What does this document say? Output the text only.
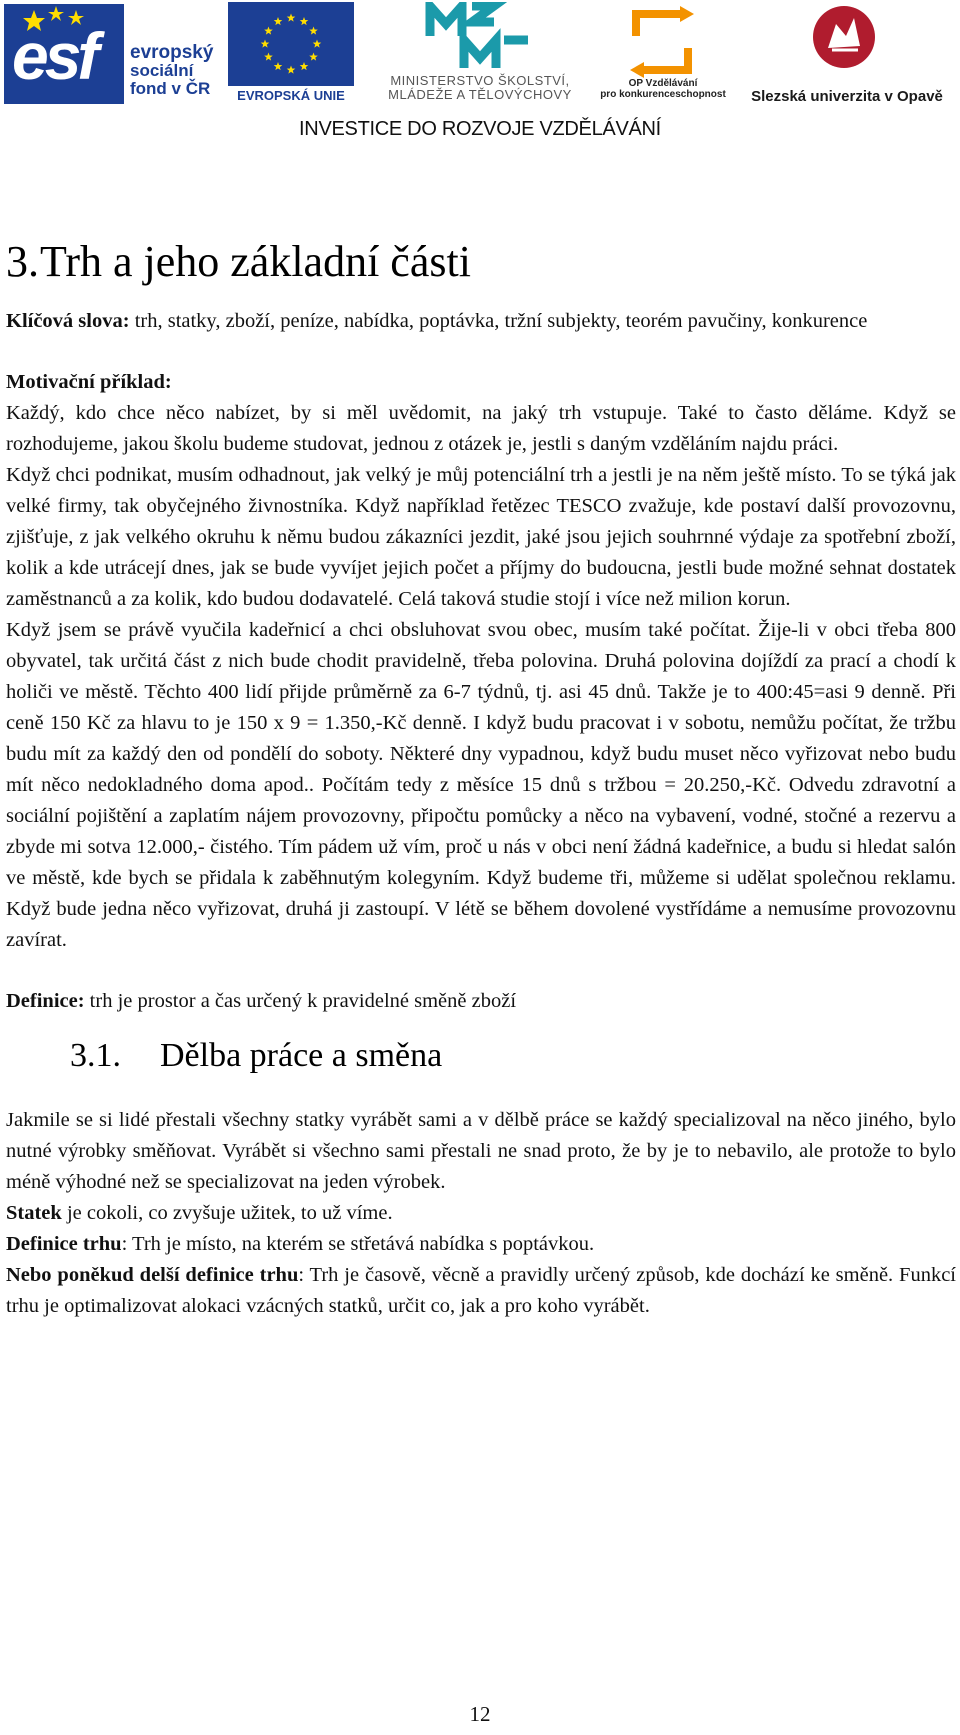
esf evropský
sociální
fond v ČR	EVROPSKÁ UNIE
MINISTERSTVO ŠKOLSTVÍ,
MLÁDEŽE A TĚLOVÝCHOVY
OP Vzdělávání
pro konkurenceschopnost	Slezská univerzita v Opavě
INVESTICE DO ROZVOJE VZDĚLÁVÁNÍ
3.Trh a jeho základní části

Klíčová slova: trh, statky, zboží, peníze, nabídka, poptávka, tržní subjekty, teorém pavučiny, konkurence

Motivační příklad:

Každý, kdo chce něco nabízet, by si měl uvědomit, na jaký trh vstupuje. Také to často děláme. Když se rozhodujeme, jakou školu budeme studovat, jednou z otázek je, jestli s daným vzděláním najdu práci.

Když chci podnikat, musím odhadnout, jak velký je můj potenciální trh a jestli je na něm ještě místo. To se týká jak velké firmy, tak obyčejného živnostníka. Když například řetězec TESCO zvažuje, kde postaví další provozovnu, zjišťuje, z jak velkého okruhu k němu budou zákazníci jezdit, jaké jsou jejich souhrnné výdaje za spotřební zboží, kolik a kde utrácejí dnes, jak se bude vyvíjet jejich počet a příjmy do budoucna, jestli bude možné sehnat dostatek zaměstnanců a za kolik, kdo budou dodavatelé. Celá taková studie stojí i více než milion korun.

Když jsem se právě vyučila kadeřnicí a chci obsluhovat svou obec, musím také počítat. Žije-li v obci třeba 800 obyvatel, tak určitá část z nich bude chodit pravidelně, třeba polovina. Druhá polovina dojíždí za prací a chodí k holiči ve městě. Těchto 400 lidí přijde průměrně za 6-7 týdnů, tj. asi 45 dnů. Takže je to 400:45=asi 9 denně. Při ceně 150 Kč za hlavu to je 150 x 9 = 1.350,-Kč denně. I když budu pracovat i v sobotu, nemůžu počítat, že tržbu budu mít za každý den od pondělí do soboty. Některé dny vypadnou, když budu muset něco vyřizovat nebo budu mít něco nedokladného doma apod.. Počítám tedy z měsíce 15 dnů s tržbou = 20.250,-Kč. Odvedu zdravotní a sociální pojištění a zaplatím nájem provozovny, připočtu pomůcky a něco na vybavení, vodné, stočné a rezervu a zbyde mi sotva 12.000,- čistého. Tím pádem už vím, proč u nás v obci není žádná kadeřnice, a budu si hledat salón ve městě, kde bych se přidala k zaběhnutým kolegyním. Když budeme tři, můžeme si udělat společnou reklamu. Když bude jedna něco vyřizovat, druhá ji zastoupí. V létě se během dovolené vystřídáme a nemusíme provozovnu zavírat.

Definice: trh je prostor a čas určený k pravidelné směně zboží

3.1. Dělba práce a směna

Jakmile se si lidé přestali všechny statky vyrábět sami a v dělbě práce se každý specializoval na něco jiného, bylo nutné výrobky směňovat. Vyrábět si všechno sami přestali ne snad proto, že by je to nebavilo, ale protože to bylo méně výhodné než se specializovat na jeden výrobek.

Statek je cokoli, co zvyšuje užitek, to už víme.

Definice trhu: Trh je místo, na kterém se střetává nabídka s poptávkou.

Nebo poněkud delší definice trhu: Trh je časově, věcně a pravidly určený způsob, kde dochází ke směně. Funkcí trhu je optimalizovat alokaci vzácných statků, určit co, jak a pro koho vyrábět.

12
